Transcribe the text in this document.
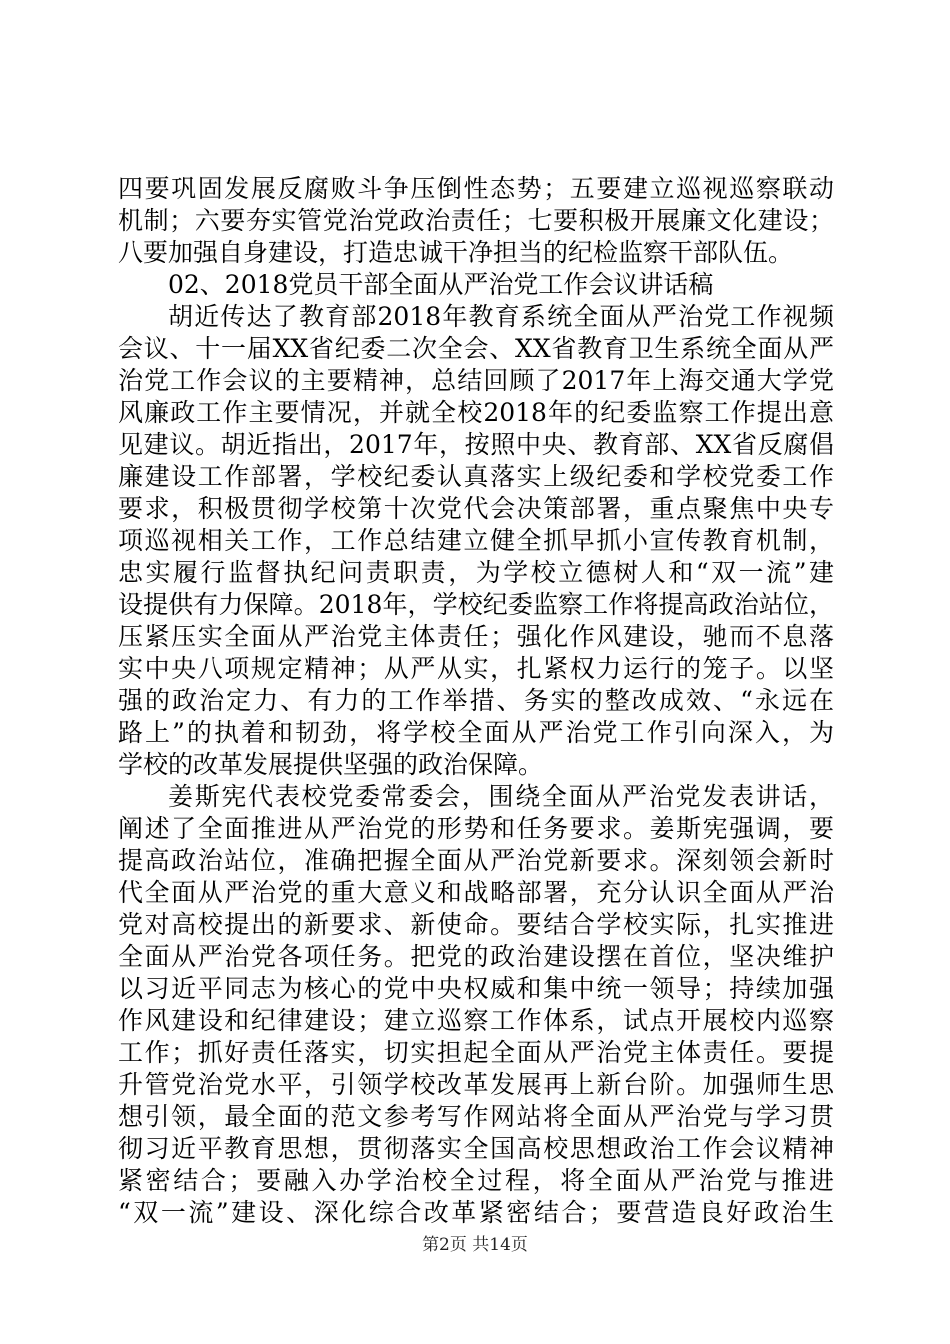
四要巩固发展反腐败斗争压倒性态势；五要建立巡视巡察联动
机制；六要夯实管党治党政治责任；七要积极开展廉文化建设；
八要加强自身建设，打造忠诚干净担当的纪检监察干部队伍。
02、2018党员干部全面从严治党工作会议讲话稿
胡近传达了教育部2018年教育系统全面从严治党工作视频
会议、十一届XX省纪委二次全会、XX省教育卫生系统全面从严
治党工作会议的主要精神，总结回顾了2017年上海交通大学党
风廉政工作主要情况，并就全校2018年的纪委监察工作提出意
见建议。胡近指出，2017年，按照中央、教育部、XX省反腐倡
廉建设工作部署，学校纪委认真落实上级纪委和学校党委工作
要求，积极贯彻学校第十次党代会决策部署，重点聚焦中央专
项巡视相关工作，工作总结建立健全抓早抓小宣传教育机制，
忠实履行监督执纪问责职责，为学校立德树人和“双一流”建
设提供有力保障。2018年，学校纪委监察工作将提高政治站位，
压紧压实全面从严治党主体责任；强化作风建设，驰而不息落
实中央八项规定精神；从严从实，扎紧权力运行的笼子。以坚
强的政治定力、有力的工作举措、务实的整改成效、“永远在
路上”的执着和韧劲，将学校全面从严治党工作引向深入，为
学校的改革发展提供坚强的政治保障。
姜斯宪代表校党委常委会，围绕全面从严治党发表讲话，
阐述了全面推进从严治党的形势和任务要求。姜斯宪强调，要
提高政治站位，准确把握全面从严治党新要求。深刻领会新时
代全面从严治党的重大意义和战略部署，充分认识全面从严治
党对高校提出的新要求、新使命。要结合学校实际，扎实推进
全面从严治党各项任务。把党的政治建设摆在首位，坚决维护
以习近平同志为核心的党中央权威和集中统一领导；持续加强
作风建设和纪律建设；建立巡察工作体系，试点开展校内巡察
工作；抓好责任落实，切实担起全面从严治党主体责任。要提
升管党治党水平，引领学校改革发展再上新台阶。加强师生思
想引领，最全面的范文参考写作网站将全面从严治党与学习贯
彻习近平教育思想，贯彻落实全国高校思想政治工作会议精神
紧密结合；要融入办学治校全过程，将全面从严治党与推进
“双一流”建设、深化综合改革紧密结合；要营造良好政治生
第2页 共14页
